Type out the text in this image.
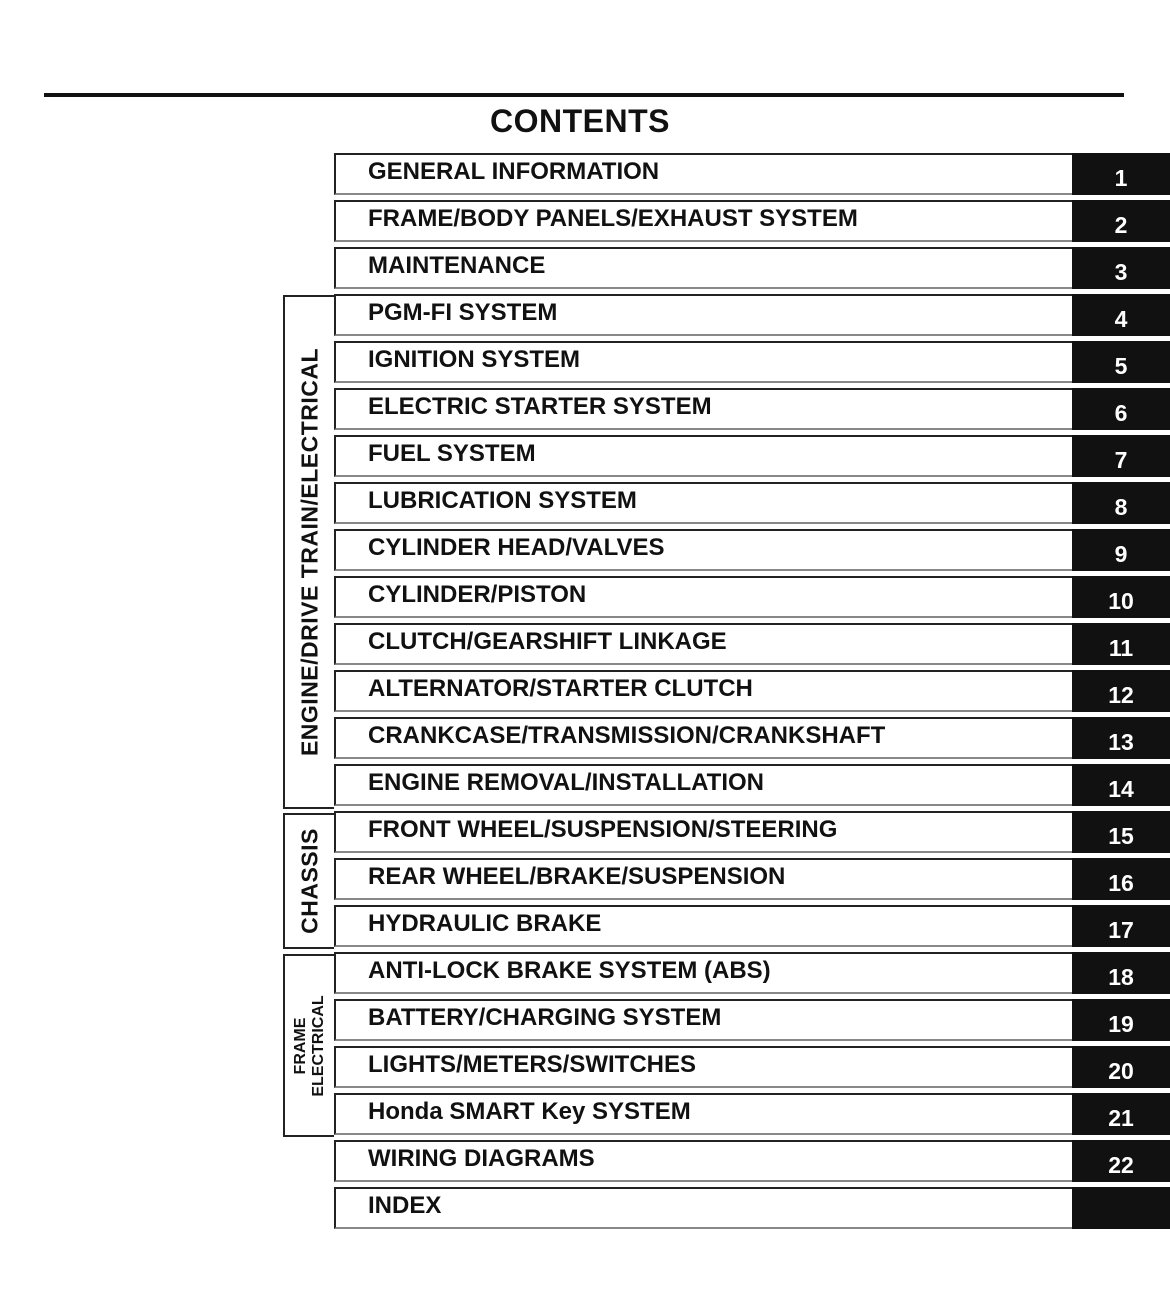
CONTENTS
ENGINE/DRIVE TRAIN/ELECTRICAL
CHASSIS
FRAME
ELECTRICAL
GENERAL INFORMATION	1
FRAME/BODY PANELS/EXHAUST SYSTEM	2
MAINTENANCE	3
PGM-FI SYSTEM	4
IGNITION SYSTEM	5
ELECTRIC STARTER SYSTEM	6
FUEL SYSTEM	7
LUBRICATION SYSTEM	8
CYLINDER HEAD/VALVES	9
CYLINDER/PISTON	10
CLUTCH/GEARSHIFT LINKAGE	11
ALTERNATOR/STARTER CLUTCH	12
CRANKCASE/TRANSMISSION/CRANKSHAFT	13
ENGINE REMOVAL/INSTALLATION	14
FRONT WHEEL/SUSPENSION/STEERING	15
REAR WHEEL/BRAKE/SUSPENSION	16
HYDRAULIC BRAKE	17
ANTI-LOCK BRAKE SYSTEM (ABS)	18
BATTERY/CHARGING SYSTEM	19
LIGHTS/METERS/SWITCHES	20
Honda SMART Key SYSTEM	21
WIRING DIAGRAMS	22
INDEX
